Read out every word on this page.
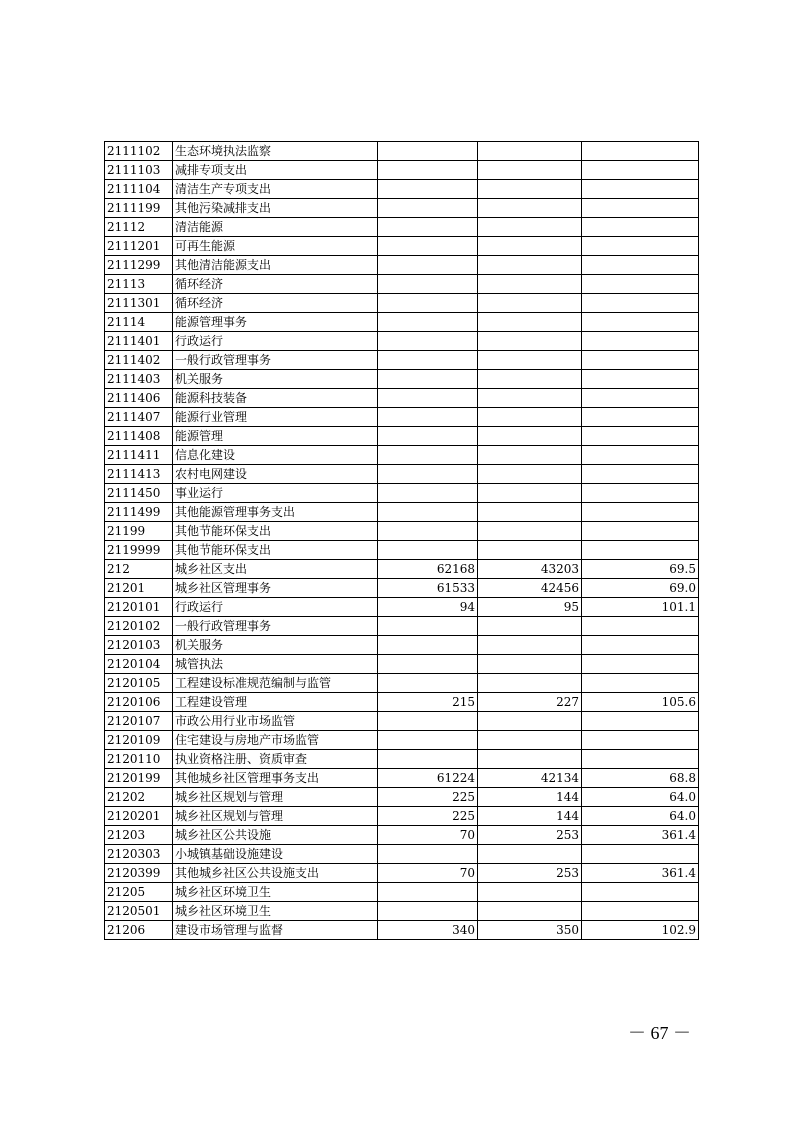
2111102	生态环境执法监察			
2111103	减排专项支出			
2111104	清洁生产专项支出			
2111199	其他污染减排支出			
21112	清洁能源			
2111201	可再生能源			
2111299	其他清洁能源支出			
21113	循环经济			
2111301	循环经济			
21114	能源管理事务			
2111401	行政运行			
2111402	一般行政管理事务			
2111403	机关服务			
2111406	能源科技装备			
2111407	能源行业管理			
2111408	能源管理			
2111411	信息化建设			
2111413	农村电网建设			
2111450	事业运行			
2111499	其他能源管理事务支出			
21199	其他节能环保支出			
2119999	其他节能环保支出			
212	城乡社区支出	62168	43203	69.5
21201	城乡社区管理事务	61533	42456	69.0
2120101	行政运行	94	95	101.1
2120102	一般行政管理事务			
2120103	机关服务			
2120104	城管执法			
2120105	工程建设标准规范编制与监管			
2120106	工程建设管理	215	227	105.6
2120107	市政公用行业市场监管			
2120109	住宅建设与房地产市场监管			
2120110	执业资格注册、资质审查			
2120199	其他城乡社区管理事务支出	61224	42134	68.8
21202	城乡社区规划与管理	225	144	64.0
2120201	城乡社区规划与管理	225	144	64.0
21203	城乡社区公共设施	70	253	361.4
2120303	小城镇基础设施建设			
2120399	其他城乡社区公共设施支出	70	253	361.4
21205	城乡社区环境卫生			
2120501	城乡社区环境卫生			
21206	建设市场管理与监督	340	350	102.9
－ 67 －
